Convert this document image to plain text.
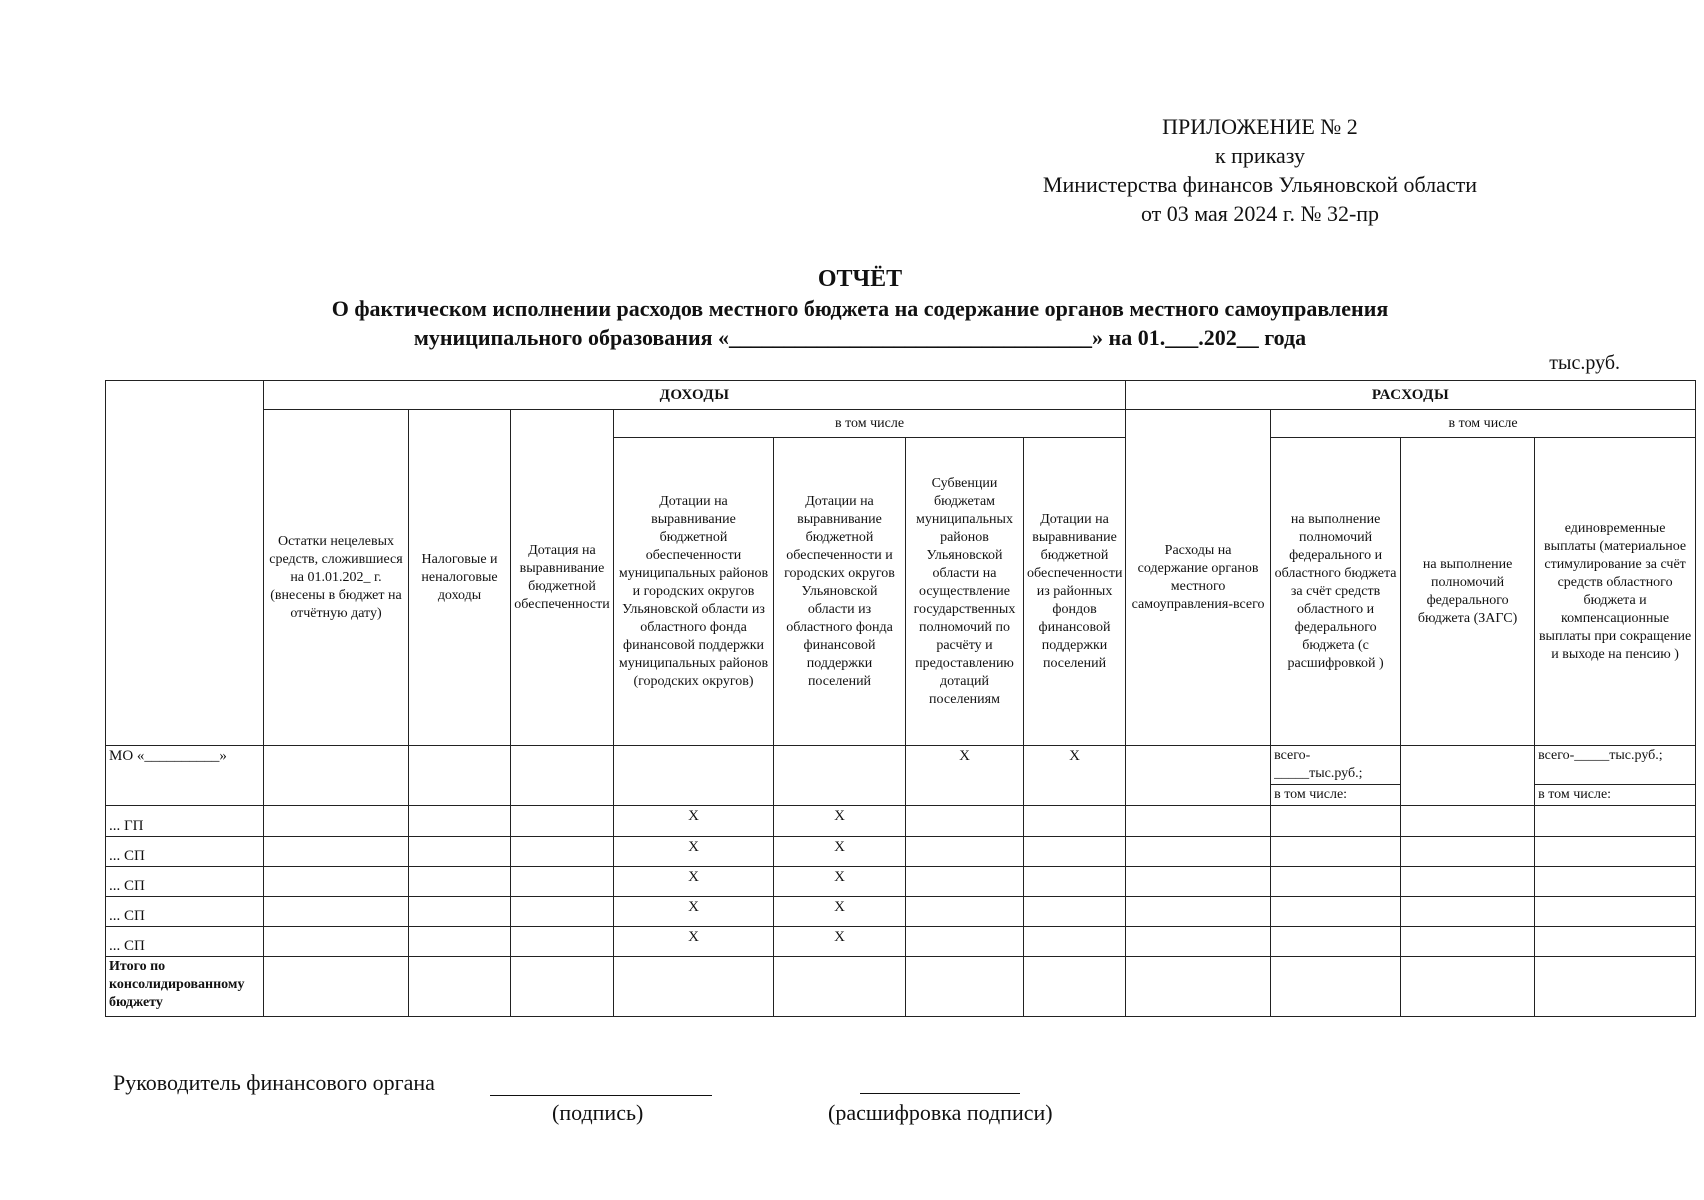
ПРИЛОЖЕНИЕ № 2
к приказу
Министерства финансов Ульяновской области
от 03 мая 2024 г. № 32-пр
ОТЧЁТ
О фактическом исполнении расходов местного бюджета на содержание органов местного самоуправления
муниципального образования «_________________________________» на 01.___.202__ года
тыс.руб.
	ДОХОДЫ							РАСХОДЫ			
	Остатки нецелевых средств, сложившиеся на 01.01.202_ г. (внесены в бюджет на отчётную дату)	Налоговые и неналоговые доходы	Дотация на выравнивание бюджетной обеспеченности	в том числе				Расходы на содержание органов местного самоуправления-всего	в том числе		
				Дотации на выравнивание бюджетной обеспеченности муниципальных районов и городских округов Ульяновской области из областного фонда финансовой поддержки муниципальных районов (городских округов)	Дотации на выравнивание бюджетной обеспеченности и городских округов Ульяновской области из областного фонда финансовой поддержки поселений	Субвенции бюджетам муниципальных районов Ульяновской области на осуществление государственных полномочий по расчёту и предоставлению дотаций поселениям	Дотации на выравнивание бюджетной обеспеченности из районных фондов финансовой поддержки поселений		на выполнение полномочий федерального и областного бюджета за счёт средств областного и федерального бюджета (с расшифровкой )	на выполнение полномочий федерального бюджета (ЗАГС)	единовременные выплаты (материальное стимулирование за счёт средств областного бюджета и компенсационные выплаты при сокращение и выходе на пенсию )
МО «__________»						X	X		всего-_____тыс.руб.;		всего-_____тыс.руб.;
									в том числе:		в том числе:
... ГП				X	X						
... СП				X	X						
... СП				X	X						
... СП				X	X						
... СП				X	X						
Итого по консолидированному бюджету											
Руководитель финансового органа
(подпись)	(расшифровка подписи)
